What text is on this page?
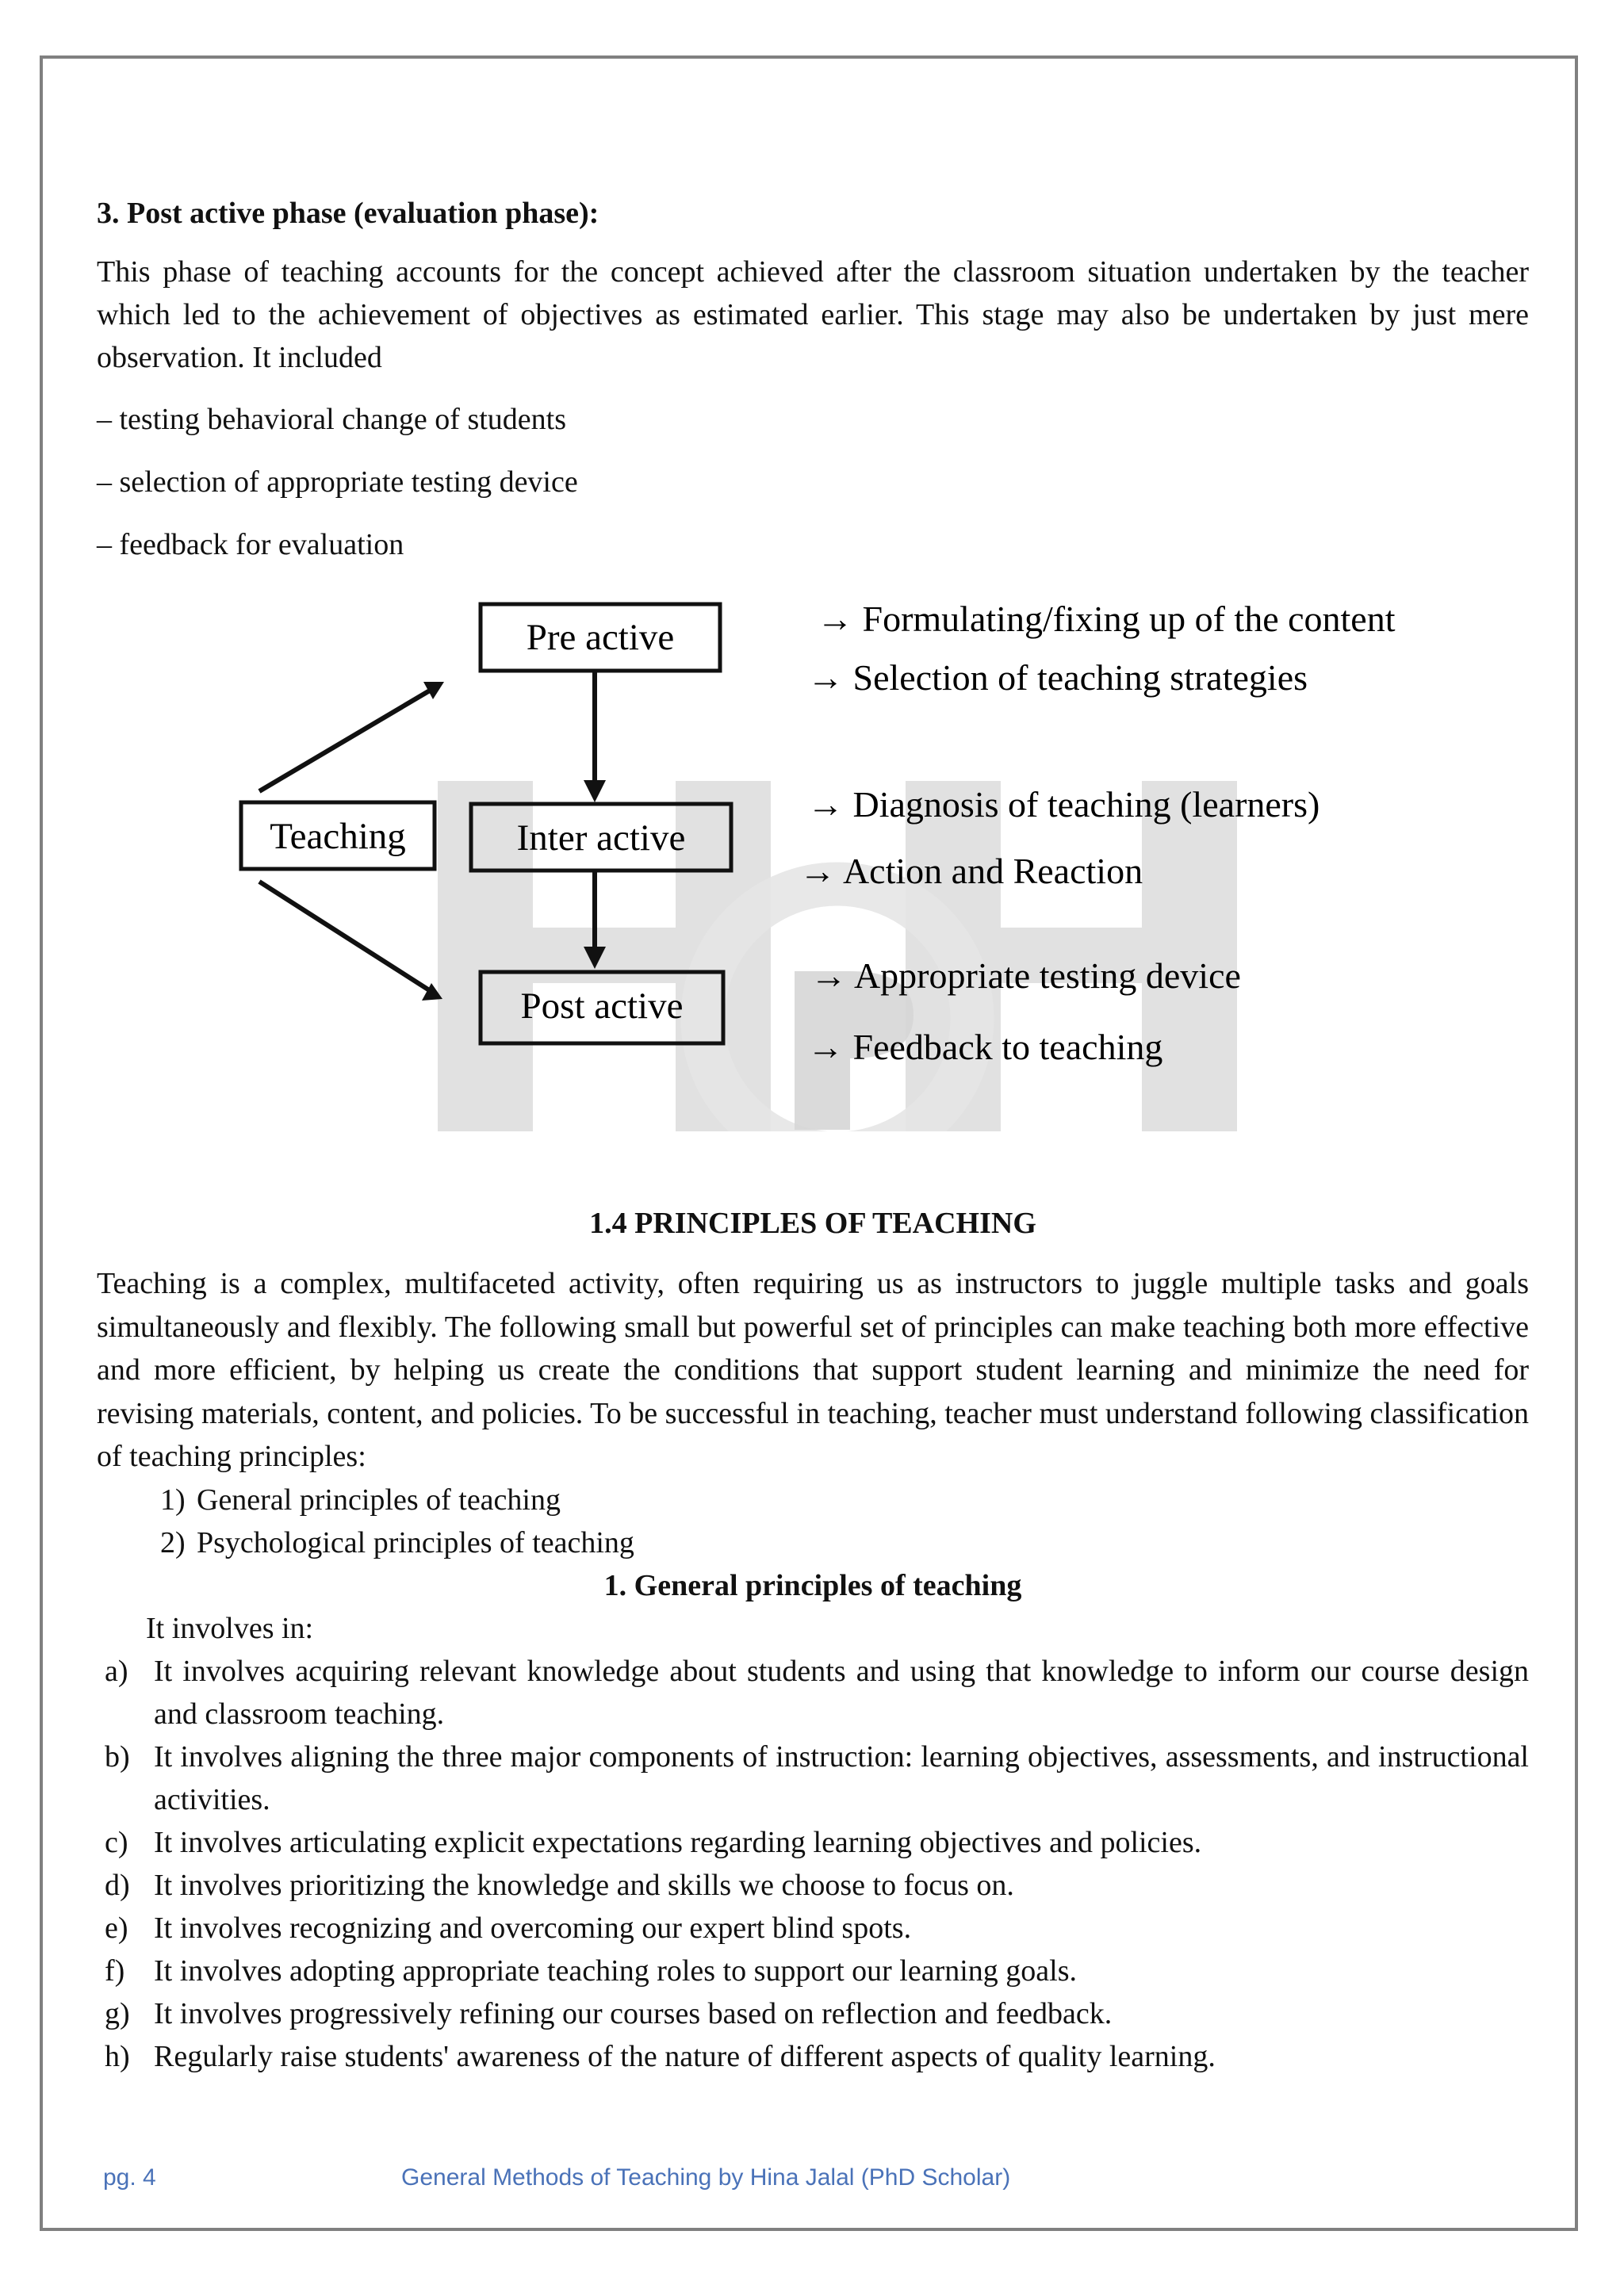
3. Post active phase (evaluation phase):

This phase of teaching accounts for the concept achieved after the classroom situation undertaken by the teacher which led to the achievement of objectives as estimated earlier. This stage may also be undertaken by just mere observation. It included

– testing behavioral change of students
– selection of appropriate testing device
– feedback for evaluation
Teaching
Pre active
Inter active
Post active
→ Formulating/fixing up of the content
→ Selection of teaching strategies
→ Diagnosis of teaching (learners)
→ Action and Reaction
→ Appropriate testing device
→ Feedback to teaching

1.4 PRINCIPLES OF TEACHING

Teaching is a complex, multifaceted activity, often requiring us as instructors to juggle multiple tasks and goals simultaneously and flexibly. The following small but powerful set of principles can make teaching both more effective and more efficient, by helping us create the conditions that support student learning and minimize the need for revising materials, content, and policies. To be successful in teaching, teacher must understand following classification of teaching principles:

1) General principles of teaching
2) Psychological principles of teaching

1. General principles of teaching

It involves in:

a) It involves acquiring relevant knowledge about students and using that knowledge to inform our course design and classroom teaching.
b) It involves aligning the three major components of instruction: learning objectives, assessments, and instructional activities.
c) It involves articulating explicit expectations regarding learning objectives and policies.
d) It involves prioritizing the knowledge and skills we choose to focus on.
e) It involves recognizing and overcoming our expert blind spots.
f) It involves adopting appropriate teaching roles to support our learning goals.
g) It involves progressively refining our courses based on reflection and feedback.
h) Regularly raise students' awareness of the nature of different aspects of quality learning.
pg. 4	General Methods of Teaching by Hina Jalal (PhD Scholar)
